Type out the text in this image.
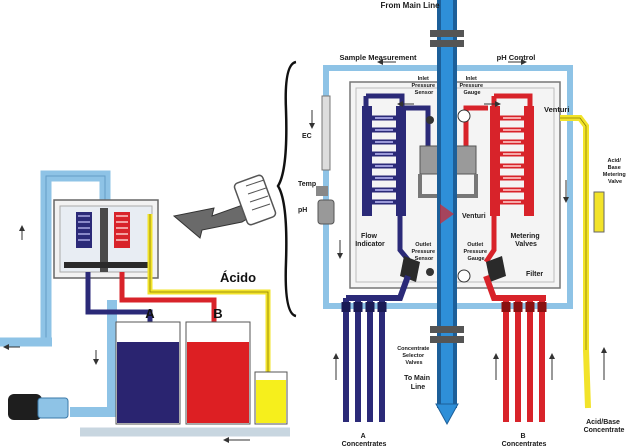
A	B
Ácido
From Main Line
Sample Measurement	pH Control
Inlet Pressure Sensor
Inlet Pressure Gauge
Venturi
EC
Temp
pH
Flow Indicator
Venturi
Outlet Pressure Sensor
Outlet Pressure Gauge
Metering Valves
Filter
Acid/ Base Metering Valve
Concentrate Selector Valves
To Main Line
A Concentrates
B Concentrates
Acid/Base Concentrate
